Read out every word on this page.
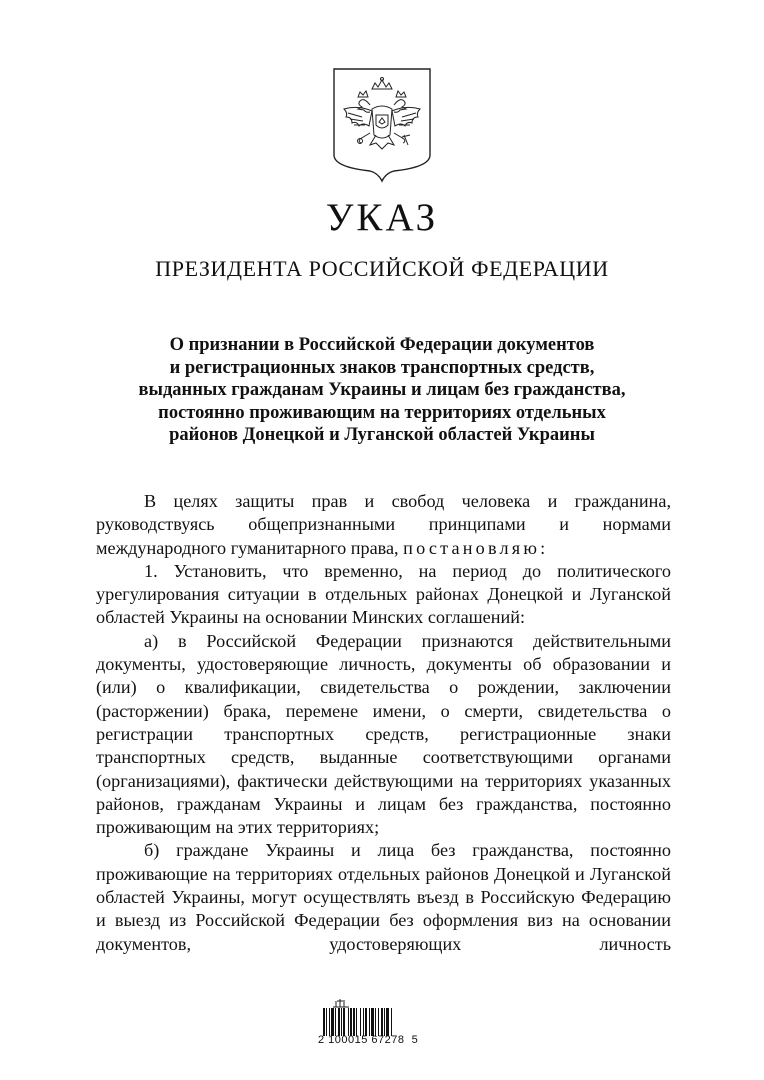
УКАЗ
ПРЕЗИДЕНТА РОССИЙСКОЙ ФЕДЕРАЦИИ
О признании в Российской Федерации документов
и регистрационных знаков транспортных средств,
выданных гражданам Украины и лицам без гражданства,
постоянно проживающим на территориях отдельных
районов Донецкой и Луганской областей Украины

В целях защиты прав и свобод человека и гражданина, руководствуясь общепризнанными принципами и нормами международного гуманитарного права, постановляю:

1. Установить, что временно, на период до политического урегулирования ситуации в отдельных районах Донецкой и Луганской областей Украины на основании Минских соглашений:

а) в Российской Федерации признаются действительными документы, удостоверяющие личность, документы об образовании и (или) о квалификации, свидетельства о рождении, заключении (расторжении) брака, перемене имени, о смерти, свидетельства о регистрации транспортных средств, регистрационные знаки транспортных средств, выданные соответствующими органами (организациями), фактически действующими на территориях указанных районов, гражданам Украины и лицам без гражданства, постоянно проживающим на этих территориях;

б) граждане Украины и лица без гражданства, постоянно проживающие на территориях отдельных районов Донецкой и Луганской областей Украины, могут осуществлять въезд в Российскую Федерацию и выезд из Российской Федерации без оформления виз на основании документов, удостоверяющих личность

2 100015 67278  5
